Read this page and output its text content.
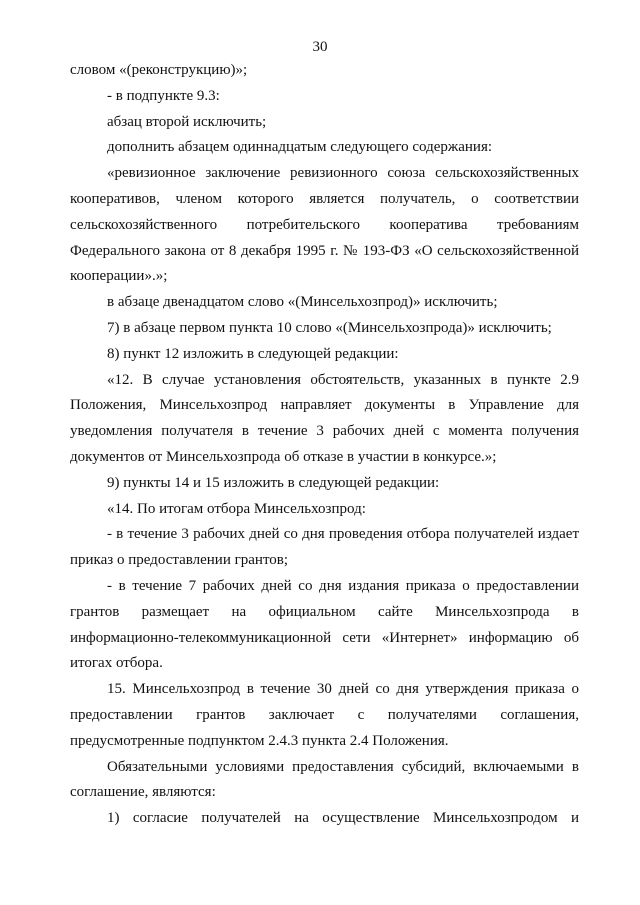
30

словом «(реконструкцию)»;

- в подпункте 9.3:

абзац второй исключить;

дополнить абзацем одиннадцатым следующего содержания:

«ревизионное заключение ревизионного союза сельскохозяйственных кооперативов, членом которого является получатель, о соответствии сельскохозяйственного потребительского кооператива требованиям Федерального закона от 8 декабря 1995 г. № 193-ФЗ «О сельскохозяйственной кооперации».»;

в абзаце двенадцатом слово «(Минсельхозпрод)» исключить;

7) в абзаце первом пункта 10 слово «(Минсельхозпрода)» исключить;

8) пункт 12 изложить в следующей редакции:

«12. В случае установления обстоятельств, указанных в пункте 2.9 Положения, Минсельхозпрод направляет документы в Управление для уведомления получателя в течение 3 рабочих дней с момента получения документов от Минсельхозпрода об отказе в участии в конкурсе.»;

9) пункты 14 и 15 изложить в следующей редакции:

«14. По итогам отбора Минсельхозпрод:

- в течение 3 рабочих дней со дня проведения отбора получателей издает приказ о предоставлении грантов;

- в течение 7 рабочих дней со дня издания приказа о предоставлении грантов размещает на официальном сайте Минсельхозпрода в информационно-телекоммуникационной сети «Интернет» информацию об итогах отбора.

15. Минсельхозпрод в течение 30 дней со дня утверждения приказа о предоставлении грантов заключает с получателями соглашения, предусмотренные подпунктом 2.4.3 пункта 2.4 Положения.

Обязательными условиями предоставления субсидий, включаемыми в соглашение, являются:

1) согласие получателей на осуществление Минсельхозпродом и
